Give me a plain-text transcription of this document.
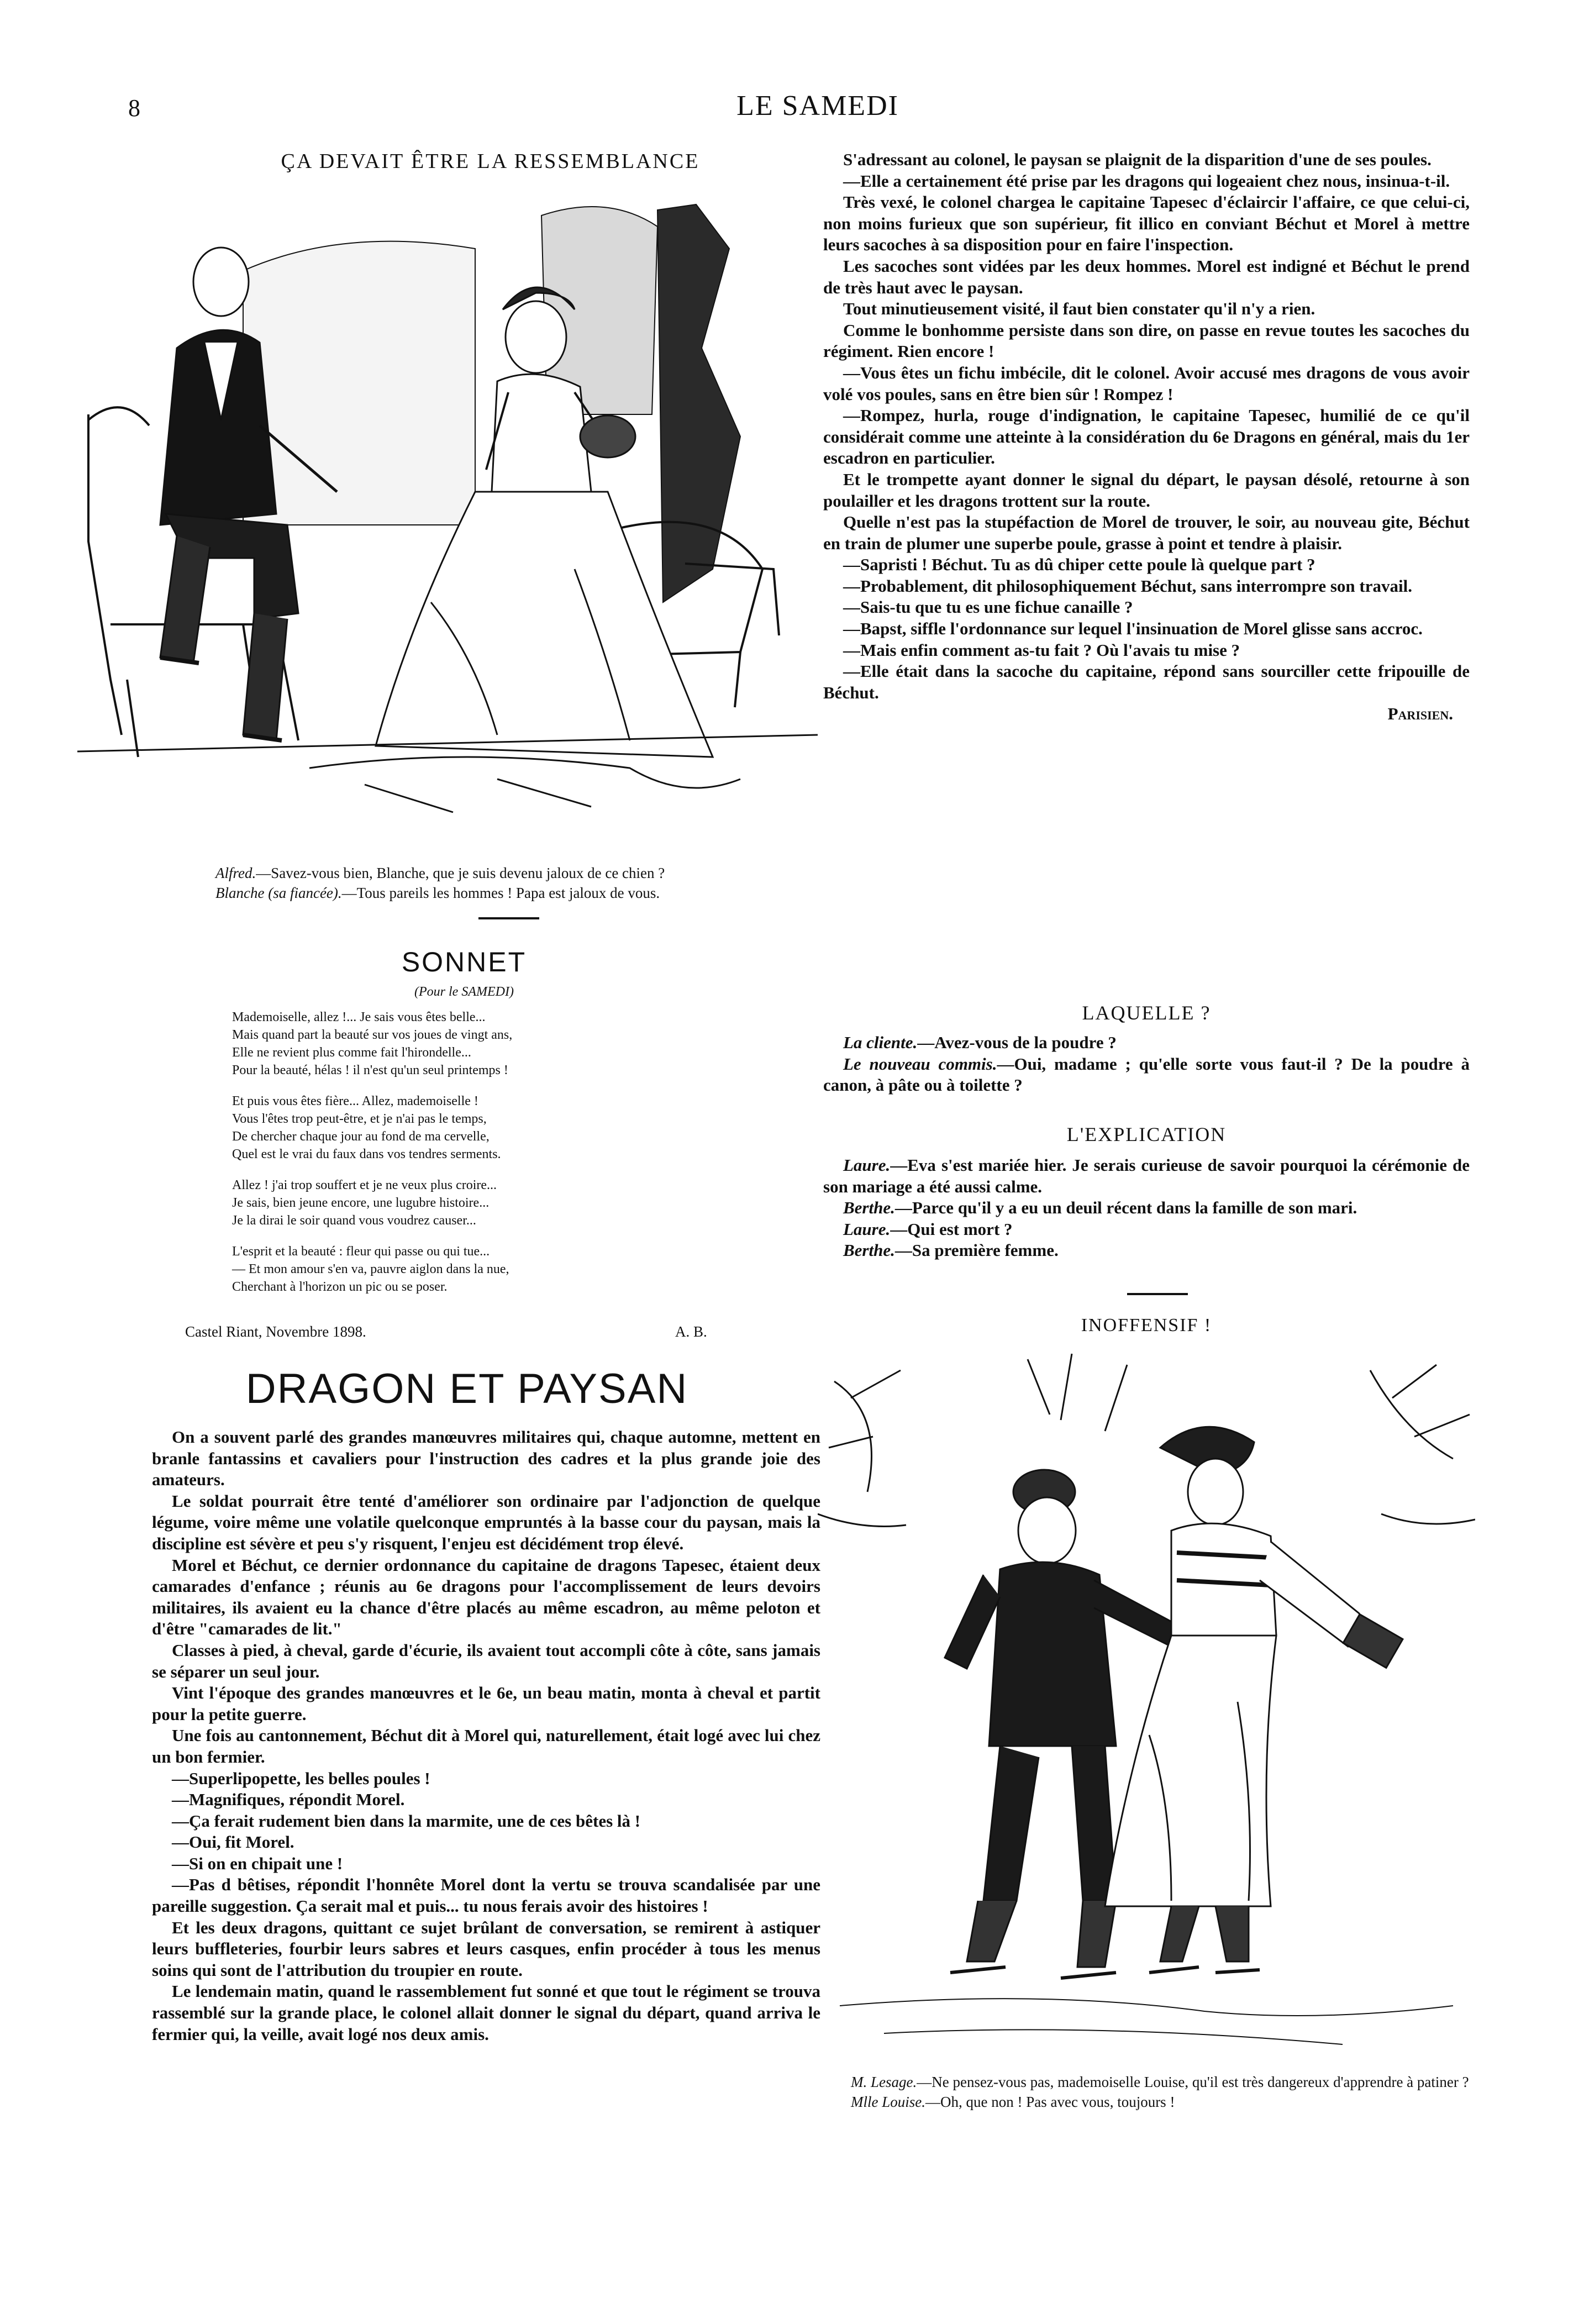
8	LE SAMEDI
ÇA DEVAIT ÊTRE LA RESSEMBLANCE

Alfred.—Savez-vous bien, Blanche, que je suis devenu jaloux de ce chien ?

Blanche (sa fiancée).—Tous pareils les hommes ! Papa est jaloux de vous.

SONNET
(Pour le SAMEDI)
Mademoiselle, allez !... Je sais vous êtes belle...
Mais quand part la beauté sur vos joues de vingt ans,
Elle ne revient plus comme fait l'hirondelle...
Pour la beauté, hélas ! il n'est qu'un seul printemps !
Et puis vous êtes fière... Allez, mademoiselle !
Vous l'êtes trop peut-être, et je n'ai pas le temps,
De chercher chaque jour au fond de ma cervelle,
Quel est le vrai du faux dans vos tendres serments.
Allez ! j'ai trop souffert et je ne veux plus croire...
Je sais, bien jeune encore, une lugubre histoire...
Je la dirai le soir quand vous voudrez causer...
L'esprit et la beauté : fleur qui passe ou qui tue...
— Et mon amour s'en va, pauvre aiglon dans la nue,
Cherchant à l'horizon un pic ou se poser.
Castel Riant, Novembre 1898.	A. B.
DRAGON ET PAYSAN

On a souvent parlé des grandes manœuvres militaires qui, chaque automne, mettent en branle fantassins et cavaliers pour l'instruction des cadres et la plus grande joie des amateurs.

Le soldat pourrait être tenté d'améliorer son ordinaire par l'adjonction de quelque légume, voire même une volatile quelconque empruntés à la basse cour du paysan, mais la discipline est sévère et peu s'y risquent, l'enjeu est décidément trop élevé.

Morel et Béchut, ce dernier ordonnance du capitaine de dragons Tapesec, étaient deux camarades d'enfance ; réunis au 6e dragons pour l'accomplissement de leurs devoirs militaires, ils avaient eu la chance d'être placés au même escadron, au même peloton et d'être "camarades de lit."

Classes à pied, à cheval, garde d'écurie, ils avaient tout accompli côte à côte, sans jamais se séparer un seul jour.

Vint l'époque des grandes manœuvres et le 6e, un beau matin, monta à cheval et partit pour la petite guerre.

Une fois au cantonnement, Béchut dit à Morel qui, naturellement, était logé avec lui chez un bon fermier.

—Superlipopette, les belles poules !

—Magnifiques, répondit Morel.

—Ça ferait rudement bien dans la marmite, une de ces bêtes là !

—Oui, fit Morel.

—Si on en chipait une !

—Pas d bêtises, répondit l'honnête Morel dont la vertu se trouva scandalisée par une pareille suggestion. Ça serait mal et puis... tu nous ferais avoir des histoires !

Et les deux dragons, quittant ce sujet brûlant de conversation, se remirent à astiquer leurs buffleteries, fourbir leurs sabres et leurs casques, enfin procéder à tous les menus soins qui sont de l'attribution du troupier en route.

Le lendemain matin, quand le rassemblement fut sonné et que tout le régiment se trouva rassemblé sur la grande place, le colonel allait donner le signal du départ, quand arriva le fermier qui, la veille, avait logé nos deux amis.

S'adressant au colonel, le paysan se plaignit de la disparition d'une de ses poules.

—Elle a certainement été prise par les dragons qui logeaient chez nous, insinua-t-il.

Très vexé, le colonel chargea le capitaine Tapesec d'éclaircir l'affaire, ce que celui-ci, non moins furieux que son supérieur, fit illico en conviant Béchut et Morel à mettre leurs sacoches à sa disposition pour en faire l'inspection.

Les sacoches sont vidées par les deux hommes. Morel est indigné et Béchut le prend de très haut avec le paysan.

Tout minutieusement visité, il faut bien constater qu'il n'y a rien.

Comme le bonhomme persiste dans son dire, on passe en revue toutes les sacoches du régiment. Rien encore !

—Vous êtes un fichu imbécile, dit le colonel. Avoir accusé mes dragons de vous avoir volé vos poules, sans en être bien sûr ! Rompez !

—Rompez, hurla, rouge d'indignation, le capitaine Tapesec, humilié de ce qu'il considérait comme une atteinte à la considération du 6e Dragons en général, mais du 1er escadron en particulier.

Et le trompette ayant donner le signal du départ, le paysan désolé, retourne à son poulailler et les dragons trottent sur la route.

Quelle n'est pas la stupéfaction de Morel de trouver, le soir, au nouveau gite, Béchut en train de plumer une superbe poule, grasse à point et tendre à plaisir.

—Sapristi ! Béchut. Tu as dû chiper cette poule là quelque part ?

—Probablement, dit philosophiquement Béchut, sans interrompre son travail.

—Sais-tu que tu es une fichue canaille ?

—Bapst, siffle l'ordonnance sur lequel l'insinuation de Morel glisse sans accroc.

—Mais enfin comment as-tu fait ? Où l'avais tu mise ?

—Elle était dans la sacoche du capitaine, répond sans sourciller cette fripouille de Béchut.

Parisien.
LAQUELLE ?

La cliente.—Avez-vous de la poudre ?

Le nouveau commis.—Oui, madame ; qu'elle sorte vous faut-il ? De la poudre à canon, à pâte ou à toilette ?

L'EXPLICATION

Laure.—Eva s'est mariée hier. Je serais curieuse de savoir pourquoi la cérémonie de son mariage a été aussi calme.

Berthe.—Parce qu'il y a eu un deuil récent dans la famille de son mari.

Laure.—Qui est mort ?

Berthe.—Sa première femme.

INOFFENSIF !

M. Lesage.—Ne pensez-vous pas, mademoiselle Louise, qu'il est très dangereux d'apprendre à patiner ?

Mlle Louise.—Oh, que non ! Pas avec vous, toujours !
